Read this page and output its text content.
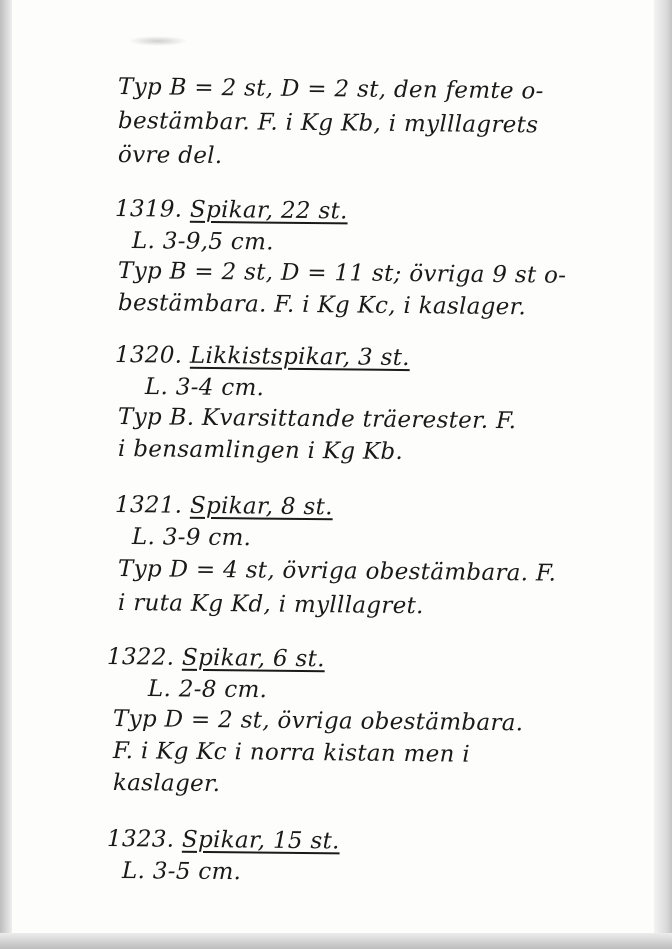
Typ B = 2 st, D = 2 st, den femte o-
bestämbar. F. i Kg Kb, i mylllagrets
övre del.
1319. Spikar, 22 st.
L. 3-9,5 cm.
Typ B = 2 st, D = 11 st; övriga 9 st o-
bestämbara. F. i Kg Kc, i kaslager.
1320. Likkistspikar, 3 st.
L. 3-4 cm.
Typ B. Kvarsittande träerester. F.
i bensamlingen i Kg Kb.
1321. Spikar, 8 st.
L. 3-9 cm.
Typ D = 4 st, övriga obestämbara. F.
i ruta Kg Kd, i mylllagret.
1322. Spikar, 6 st.
L. 2-8 cm.
Typ D = 2 st, övriga obestämbara.
F. i Kg Kc i norra kistan men i
kaslager.
1323. Spikar, 15 st.
L. 3-5 cm.
